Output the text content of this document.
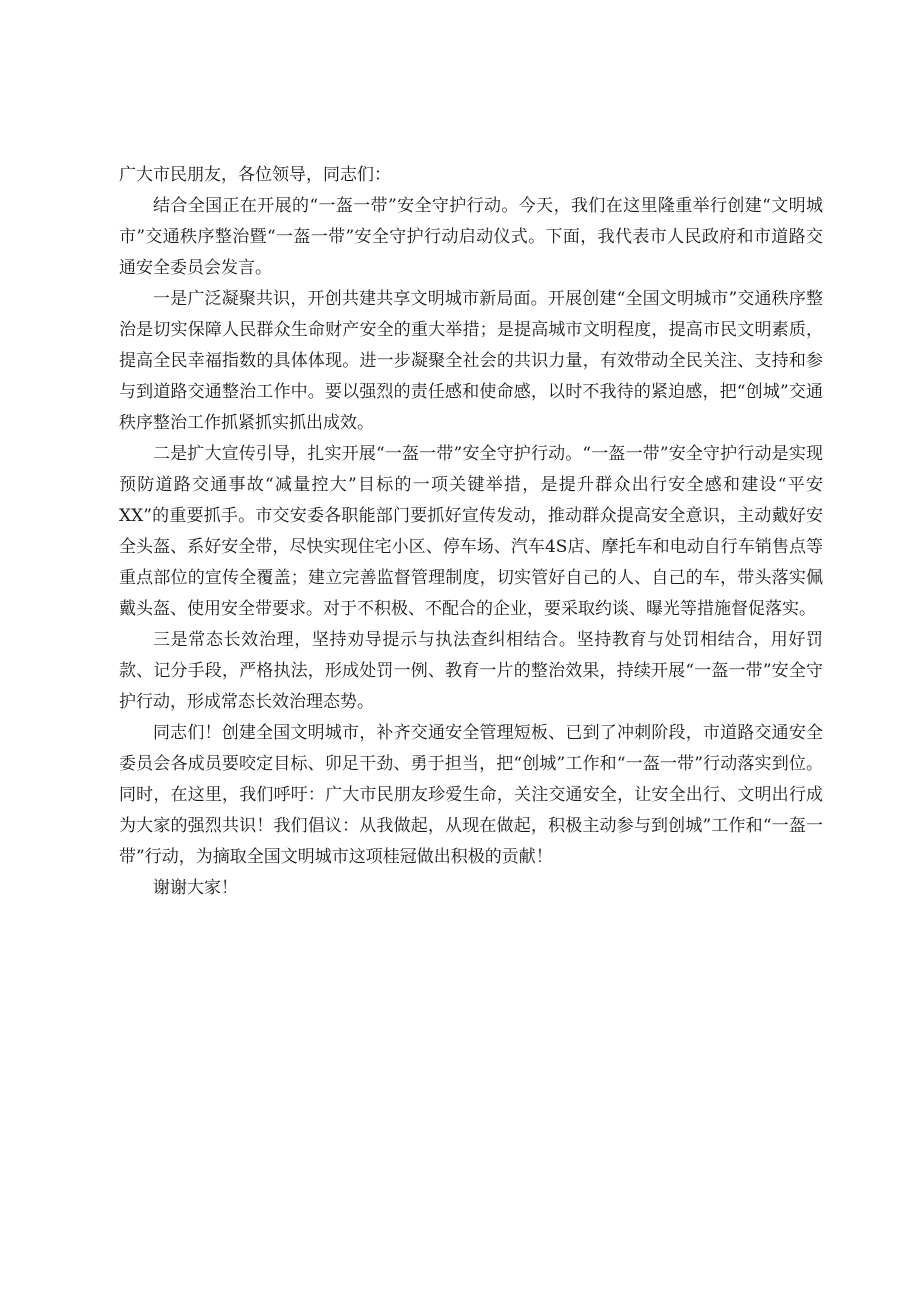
广大市民朋友，各位领导，同志们：

结合全国正在开展的“一盔一带”安全守护行动。今天，我们在这里隆重举行创建“文明城市”交通秩序整治暨“一盔一带”安全守护行动启动仪式。下面，我代表市人民政府和市道路交通安全委员会发言。

一是广泛凝聚共识，开创共建共享文明城市新局面。开展创建“全国文明城市”交通秩序整治是切实保障人民群众生命财产安全的重大举措；是提高城市文明程度，提高市民文明素质，提高全民幸福指数的具体体现。进一步凝聚全社会的共识力量，有效带动全民关注、支持和参与到道路交通整治工作中。要以强烈的责任感和使命感，以时不我待的紧迫感，把“创城”交通秩序整治工作抓紧抓实抓出成效。

二是扩大宣传引导，扎实开展“一盔一带”安全守护行动。“一盔一带”安全守护行动是实现预防道路交通事故“减量控大”目标的一项关键举措，是提升群众出行安全感和建设“平安XX”的重要抓手。市交安委各职能部门要抓好宣传发动，推动群众提高安全意识，主动戴好安全头盔、系好安全带，尽快实现住宅小区、停车场、汽车4S店、摩托车和电动自行车销售点等重点部位的宣传全覆盖；建立完善监督管理制度，切实管好自己的人、自己的车，带头落实佩戴头盔、使用安全带要求。对于不积极、不配合的企业，要采取约谈、曝光等措施督促落实。

三是常态长效治理，坚持劝导提示与执法查纠相结合。坚持教育与处罚相结合，用好罚款、记分手段，严格执法，形成处罚一例、教育一片的整治效果，持续开展“一盔一带”安全守护行动，形成常态长效治理态势。

同志们！创建全国文明城市，补齐交通安全管理短板、已到了冲刺阶段，市道路交通安全委员会各成员要咬定目标、卯足干劲、勇于担当，把“创城”工作和“一盔一带”行动落实到位。同时，在这里，我们呼吁：广大市民朋友珍爱生命，关注交通安全，让安全出行、文明出行成为大家的强烈共识！我们倡议：从我做起，从现在做起，积极主动参与到创城”工作和“一盔一带”行动，为摘取全国文明城市这项桂冠做出积极的贡献！

谢谢大家！
